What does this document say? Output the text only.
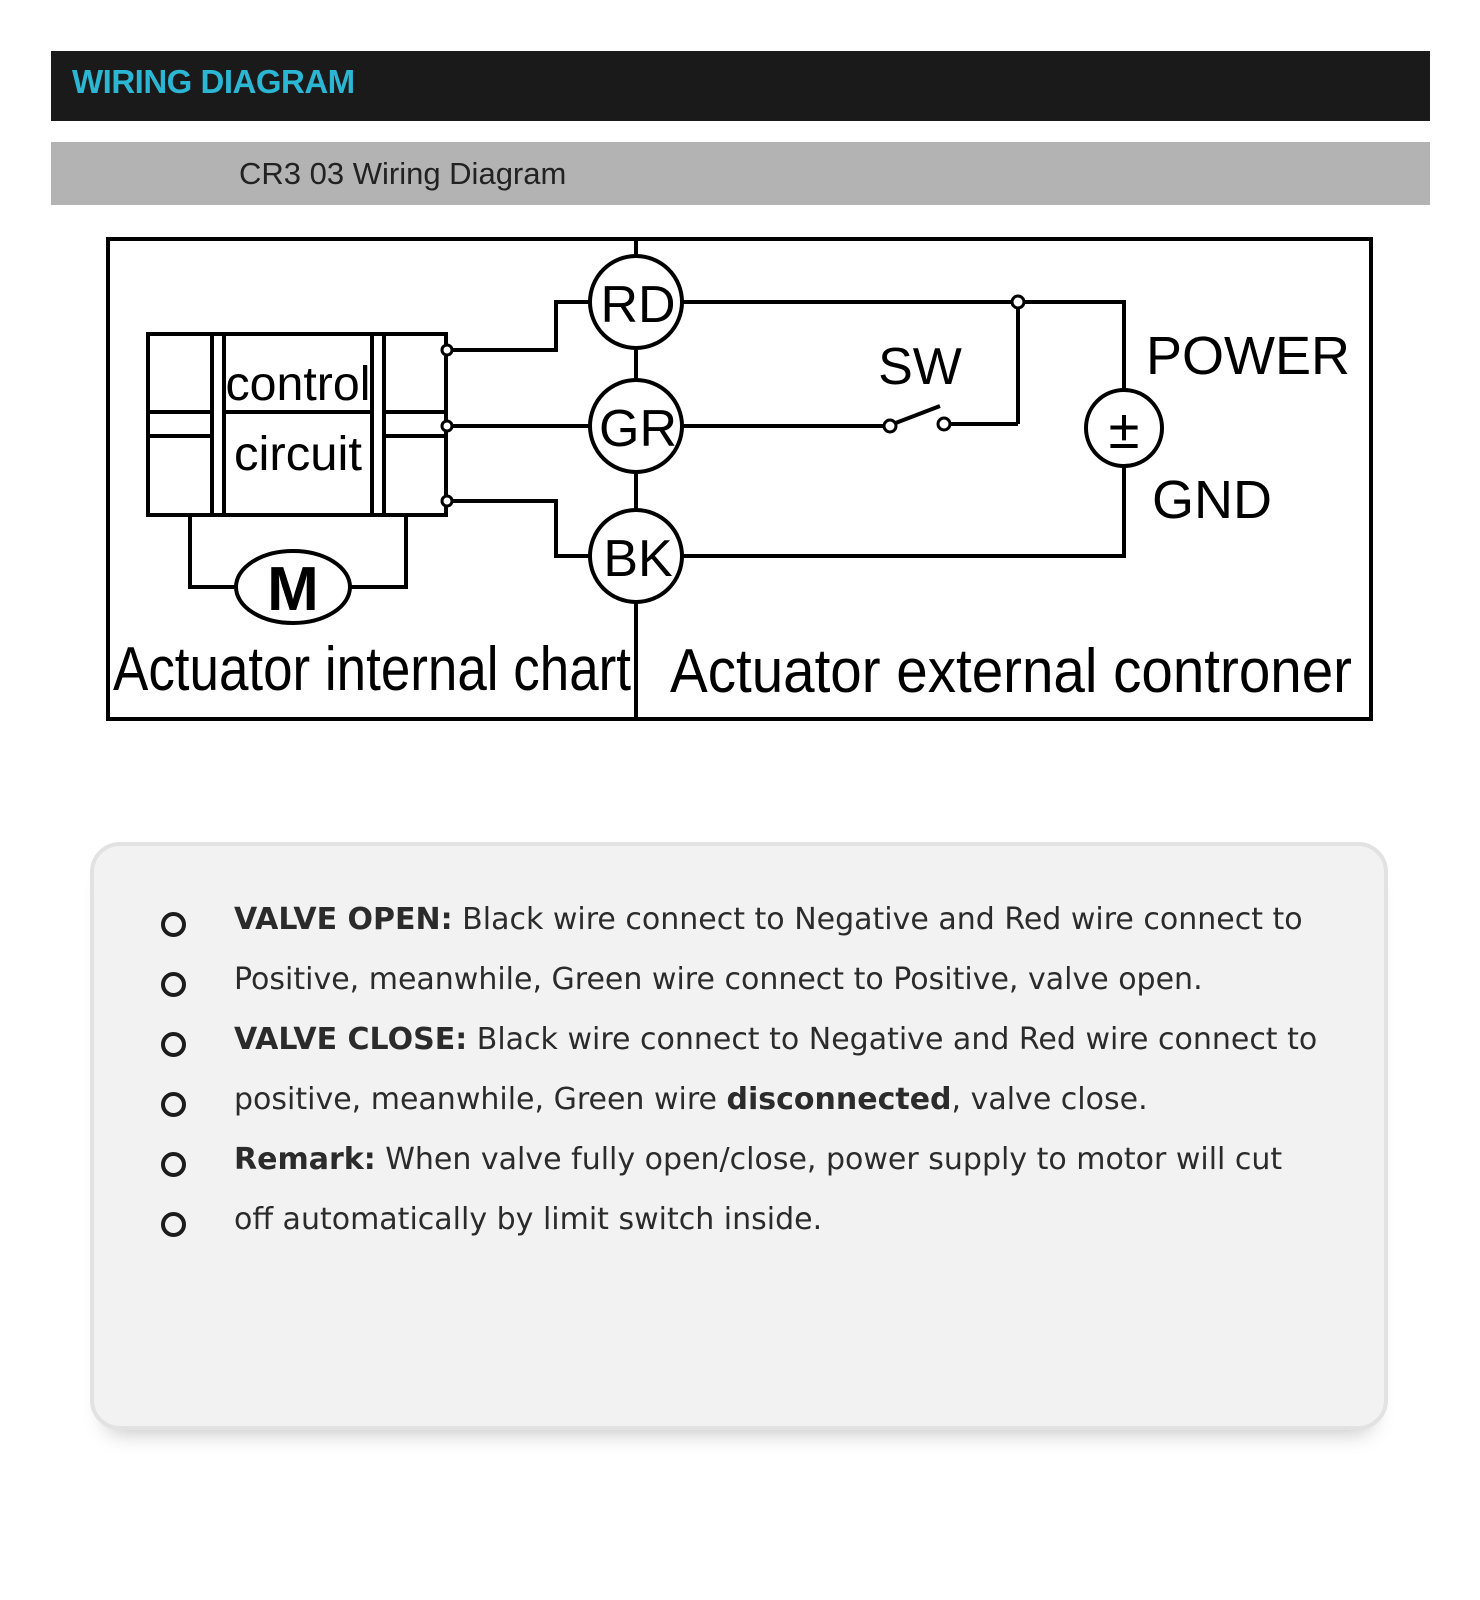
WIRING DIAGRAM
CR3 03 Wiring Diagram
control
circuit
M
RD
GR
BK
SW	POWER
±
GND
Actuator internal chart Actuator external controner
VALVE OPEN: Black wire connect to Negative and Red wire connect to
Positive, meanwhile, Green wire connect to Positive, valve open.
VALVE CLOSE: Black wire connect to Negative and Red wire connect to
positive, meanwhile, Green wire disconnected, valve close.
Remark: When valve fully open/close, power supply to motor will cut
off automatically by limit switch inside.
